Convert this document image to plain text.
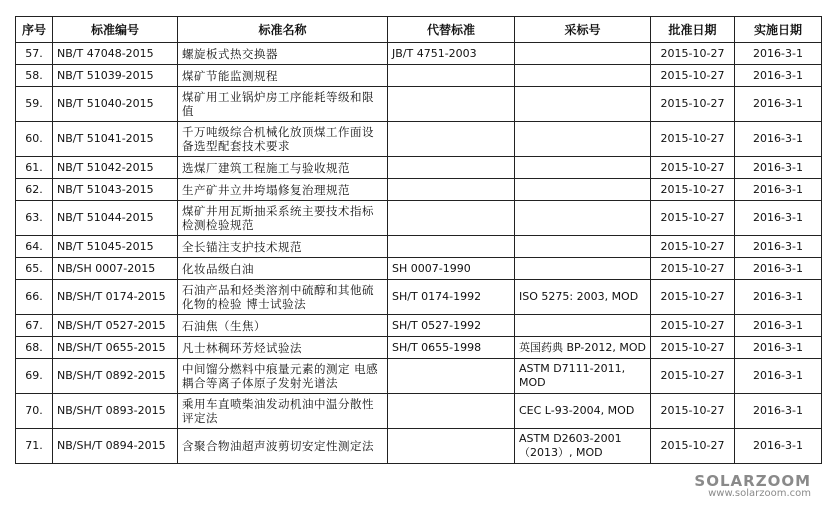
序号	标准编号	标准名称	代替标准	采标号	批准日期	实施日期
57.	NB/T 47048-2015	螺旋板式热交换器	JB/T 4751-2003		2015-10-27	2016-3-1
58.	NB/T 51039-2015	煤矿节能监测规程			2015-10-27	2016-3-1
59.	NB/T 51040-2015	煤矿用工业锅炉房工序能耗等级和限值			2015-10-27	2016-3-1
60.	NB/T 51041-2015	千万吨级综合机械化放顶煤工作面设备选型配套技术要求			2015-10-27	2016-3-1
61.	NB/T 51042-2015	选煤厂建筑工程施工与验收规范			2015-10-27	2016-3-1
62.	NB/T 51043-2015	生产矿井立井垮塌修复治理规范			2015-10-27	2016-3-1
63.	NB/T 51044-2015	煤矿井用瓦斯抽采系统主要技术指标检测检验规范			2015-10-27	2016-3-1
64.	NB/T 51045-2015	全长锚注支护技术规范			2015-10-27	2016-3-1
65.	NB/SH 0007-2015	化妆品级白油	SH 0007-1990		2015-10-27	2016-3-1
66.	NB/SH/T 0174-2015	石油产品和烃类溶剂中硫醇和其他硫化物的检验 博士试验法	SH/T 0174-1992	ISO 5275: 2003, MOD	2015-10-27	2016-3-1
67.	NB/SH/T 0527-2015	石油焦（生焦）	SH/T 0527-1992		2015-10-27	2016-3-1
68.	NB/SH/T 0655-2015	凡士林稠环芳烃试验法	SH/T 0655-1998	英国药典 BP-2012, MOD	2015-10-27	2016-3-1
69.	NB/SH/T 0892-2015	中间馏分燃料中痕量元素的测定 电感耦合等离子体原子发射光谱法		ASTM D7111-2011, MOD	2015-10-27	2016-3-1
70.	NB/SH/T 0893-2015	乘用车直喷柴油发动机油中温分散性评定法		CEC L-93-2004, MOD	2015-10-27	2016-3-1
71.	NB/SH/T 0894-2015	含聚合物油超声波剪切安定性测定法		ASTM D2603-2001（2013）, MOD	2015-10-27	2016-3-1
SOLARZOOM
www.solarzoom.com
